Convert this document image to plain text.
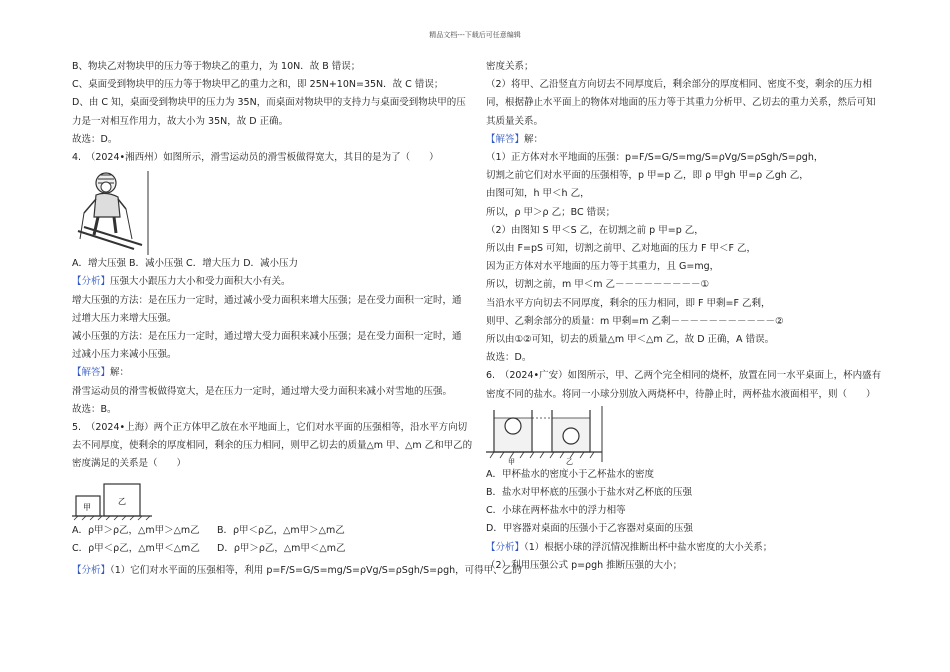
精品文档---下载后可任意编辑
B、物块乙对物块甲的压力等于物块乙的重力，为 10N．故 B 错误；
C、桌面受到物块甲的压力等于物块甲乙的重力之和，即 25N+10N=35N．故 C 错误；
D、由 C 知，桌面受到物块甲的压力为 35N，而桌面对物块甲的支持力与桌面受到物块甲的压
力是一对相互作用力，故大小为 35N，故 D 正确。
故选：D。
4.　（2024•湘西州）如图所示，滑雪运动员的滑雪板做得宽大，其目的是为了（　　）
A．增大压强 B．减小压强 C．增大压力 D．减小压力
【分析】压强大小跟压力大小和受力面积大小有关。
增大压强的方法：是在压力一定时，通过减小受力面积来增大压强；是在受力面积一定时，通
过增大压力来增大压强。
减小压强的方法：是在压力一定时，通过增大受力面积来减小压强；是在受力面积一定时，通
过减小压力来减小压强。
【解答】解：
滑雪运动员的滑雪板做得宽大，是在压力一定时，通过增大受力面积来减小对雪地的压强。
故选：B。
5.　（2024•上海）两个正方体甲乙放在水平地面上，它们对水平面的压强相等，沿水平方向切
去不同厚度，使剩余的厚度相同，剩余的压力相同，则甲乙切去的质量△m 甲、△m 乙和甲乙的
密度满足的关系是（　　）
甲
乙
A．ρ甲＞ρ乙，△m甲＞△m乙 B．ρ甲＜ρ乙，△m甲＞△m乙
C．ρ甲＜ρ乙，△m甲＜△m乙 D．ρ甲＞ρ乙，△m甲＜△m乙
【分析】（1）它们对水平面的压强相等，利用 p=F/S=G/S=mg/S=ρVg/S=ρSgh/S=ρgh，可得甲、乙的
密度关系；
（2）将甲、乙沿竖直方向切去不同厚度后，剩余部分的厚度相同、密度不变，剩余的压力相
同，根据静止水平面上的物体对地面的压力等于其重力分析甲、乙切去的重力关系，然后可知
其质量关系。
【解答】解：
（1）正方体对水平地面的压强：p=F/S=G/S=mg/S=ρVg/S=ρSgh/S=ρgh，
切割之前它们对水平面的压强相等，p 甲=p 乙，即 ρ 甲gh 甲=ρ 乙gh 乙，
由图可知，h 甲＜h 乙，
所以，ρ 甲＞ρ 乙；BC 错误；
（2）由图知 S 甲＜S 乙，在切割之前 p 甲=p 乙，
所以由 F=pS 可知，切割之前甲、乙对地面的压力 F 甲＜F 乙，
因为正方体对水平地面的压力等于其重力，且 G=mg，
所以，切割之前，m 甲＜m 乙－－－－－－－－－①
当沿水平方向切去不同厚度，剩余的压力相同，即 F 甲剩=F 乙剩，
则甲、乙剩余部分的质量：m 甲剩=m 乙剩－－－－－－－－－－－②
所以由①②可知，切去的质量△m 甲＜△m 乙，故 D 正确，A 错误。
故选：D。
6.　（2024•广安）如图所示，甲、乙两个完全相同的烧杯，放置在同一水平桌面上，杯内盛有
密度不同的盐水。将同一小球分别放入两烧杯中，待静止时，两杯盐水液面相平，则（　　）
甲	乙
A．甲杯盐水的密度小于乙杯盐水的密度
B．盐水对甲杯底的压强小于盐水对乙杯底的压强
C．小球在两杯盐水中的浮力相等
D．甲容器对桌面的压强小于乙容器对桌面的压强
【分析】（1）根据小球的浮沉情况推断出杯中盐水密度的大小关系；
（2）利用压强公式 p=ρgh 推断压强的大小；
